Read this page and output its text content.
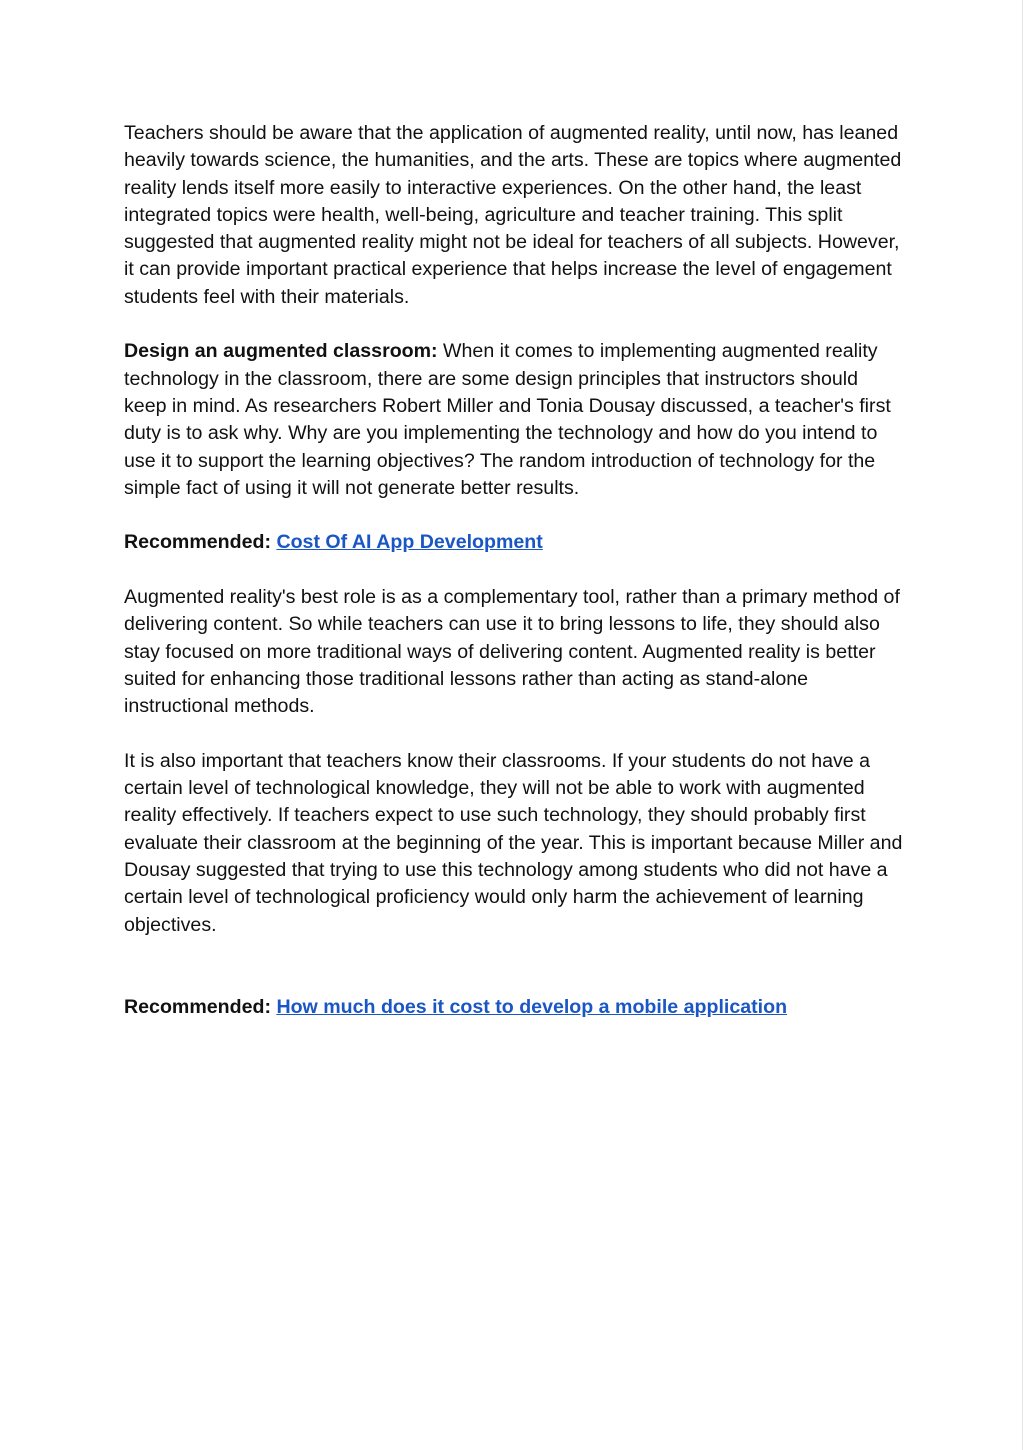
Teachers should be aware that the application of augmented reality, until now, has leaned heavily towards science, the humanities, and the arts. These are topics where augmented reality lends itself more easily to interactive experiences. On the other hand, the least integrated topics were health, well-being, agriculture and teacher training. This split suggested that augmented reality might not be ideal for teachers of all subjects. However, it can provide important practical experience that helps increase the level of engagement students feel with their materials.

Design an augmented classroom: When it comes to implementing augmented reality technology in the classroom, there are some design principles that instructors should keep in mind. As researchers Robert Miller and Tonia Dousay discussed, a teacher's first duty is to ask why. Why are you implementing the technology and how do you intend to use it to support the learning objectives? The random introduction of technology for the simple fact of using it will not generate better results.

Recommended: Cost Of AI App Development

Augmented reality's best role is as a complementary tool, rather than a primary method of delivering content. So while teachers can use it to bring lessons to life, they should also stay focused on more traditional ways of delivering content. Augmented reality is better suited for enhancing those traditional lessons rather than acting as stand-alone instructional methods.

It is also important that teachers know their classrooms. If your students do not have a certain level of technological knowledge, they will not be able to work with augmented reality effectively. If teachers expect to use such technology, they should probably first evaluate their classroom at the beginning of the year. This is important because Miller and Dousay suggested that trying to use this technology among students who did not have a certain level of technological proficiency would only harm the achievement of learning objectives.

Recommended: How much does it cost to develop a mobile application
